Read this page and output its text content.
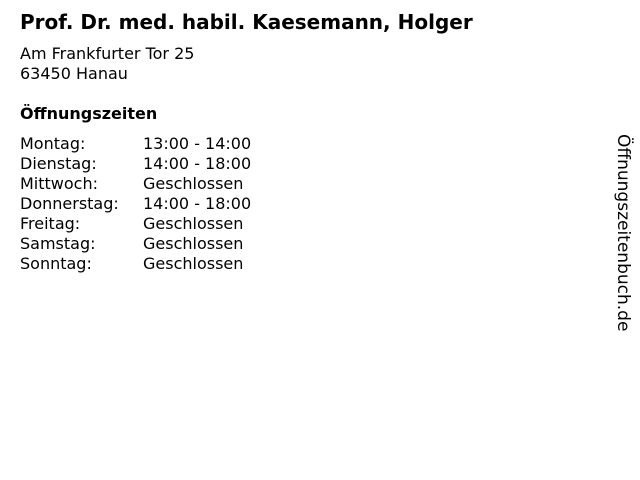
Prof. Dr. med. habil. Kaesemann, Holger
Am Frankfurter Tor 25
63450 Hanau
Öffnungszeiten
Montag:	13:00 - 14:00
Dienstag:	14:00 - 18:00
Mittwoch:	Geschlossen
Donnerstag:	14:00 - 18:00
Freitag:	Geschlossen
Samstag:	Geschlossen
Sonntag:	Geschlossen	Öffnungszeitenbuch.de
